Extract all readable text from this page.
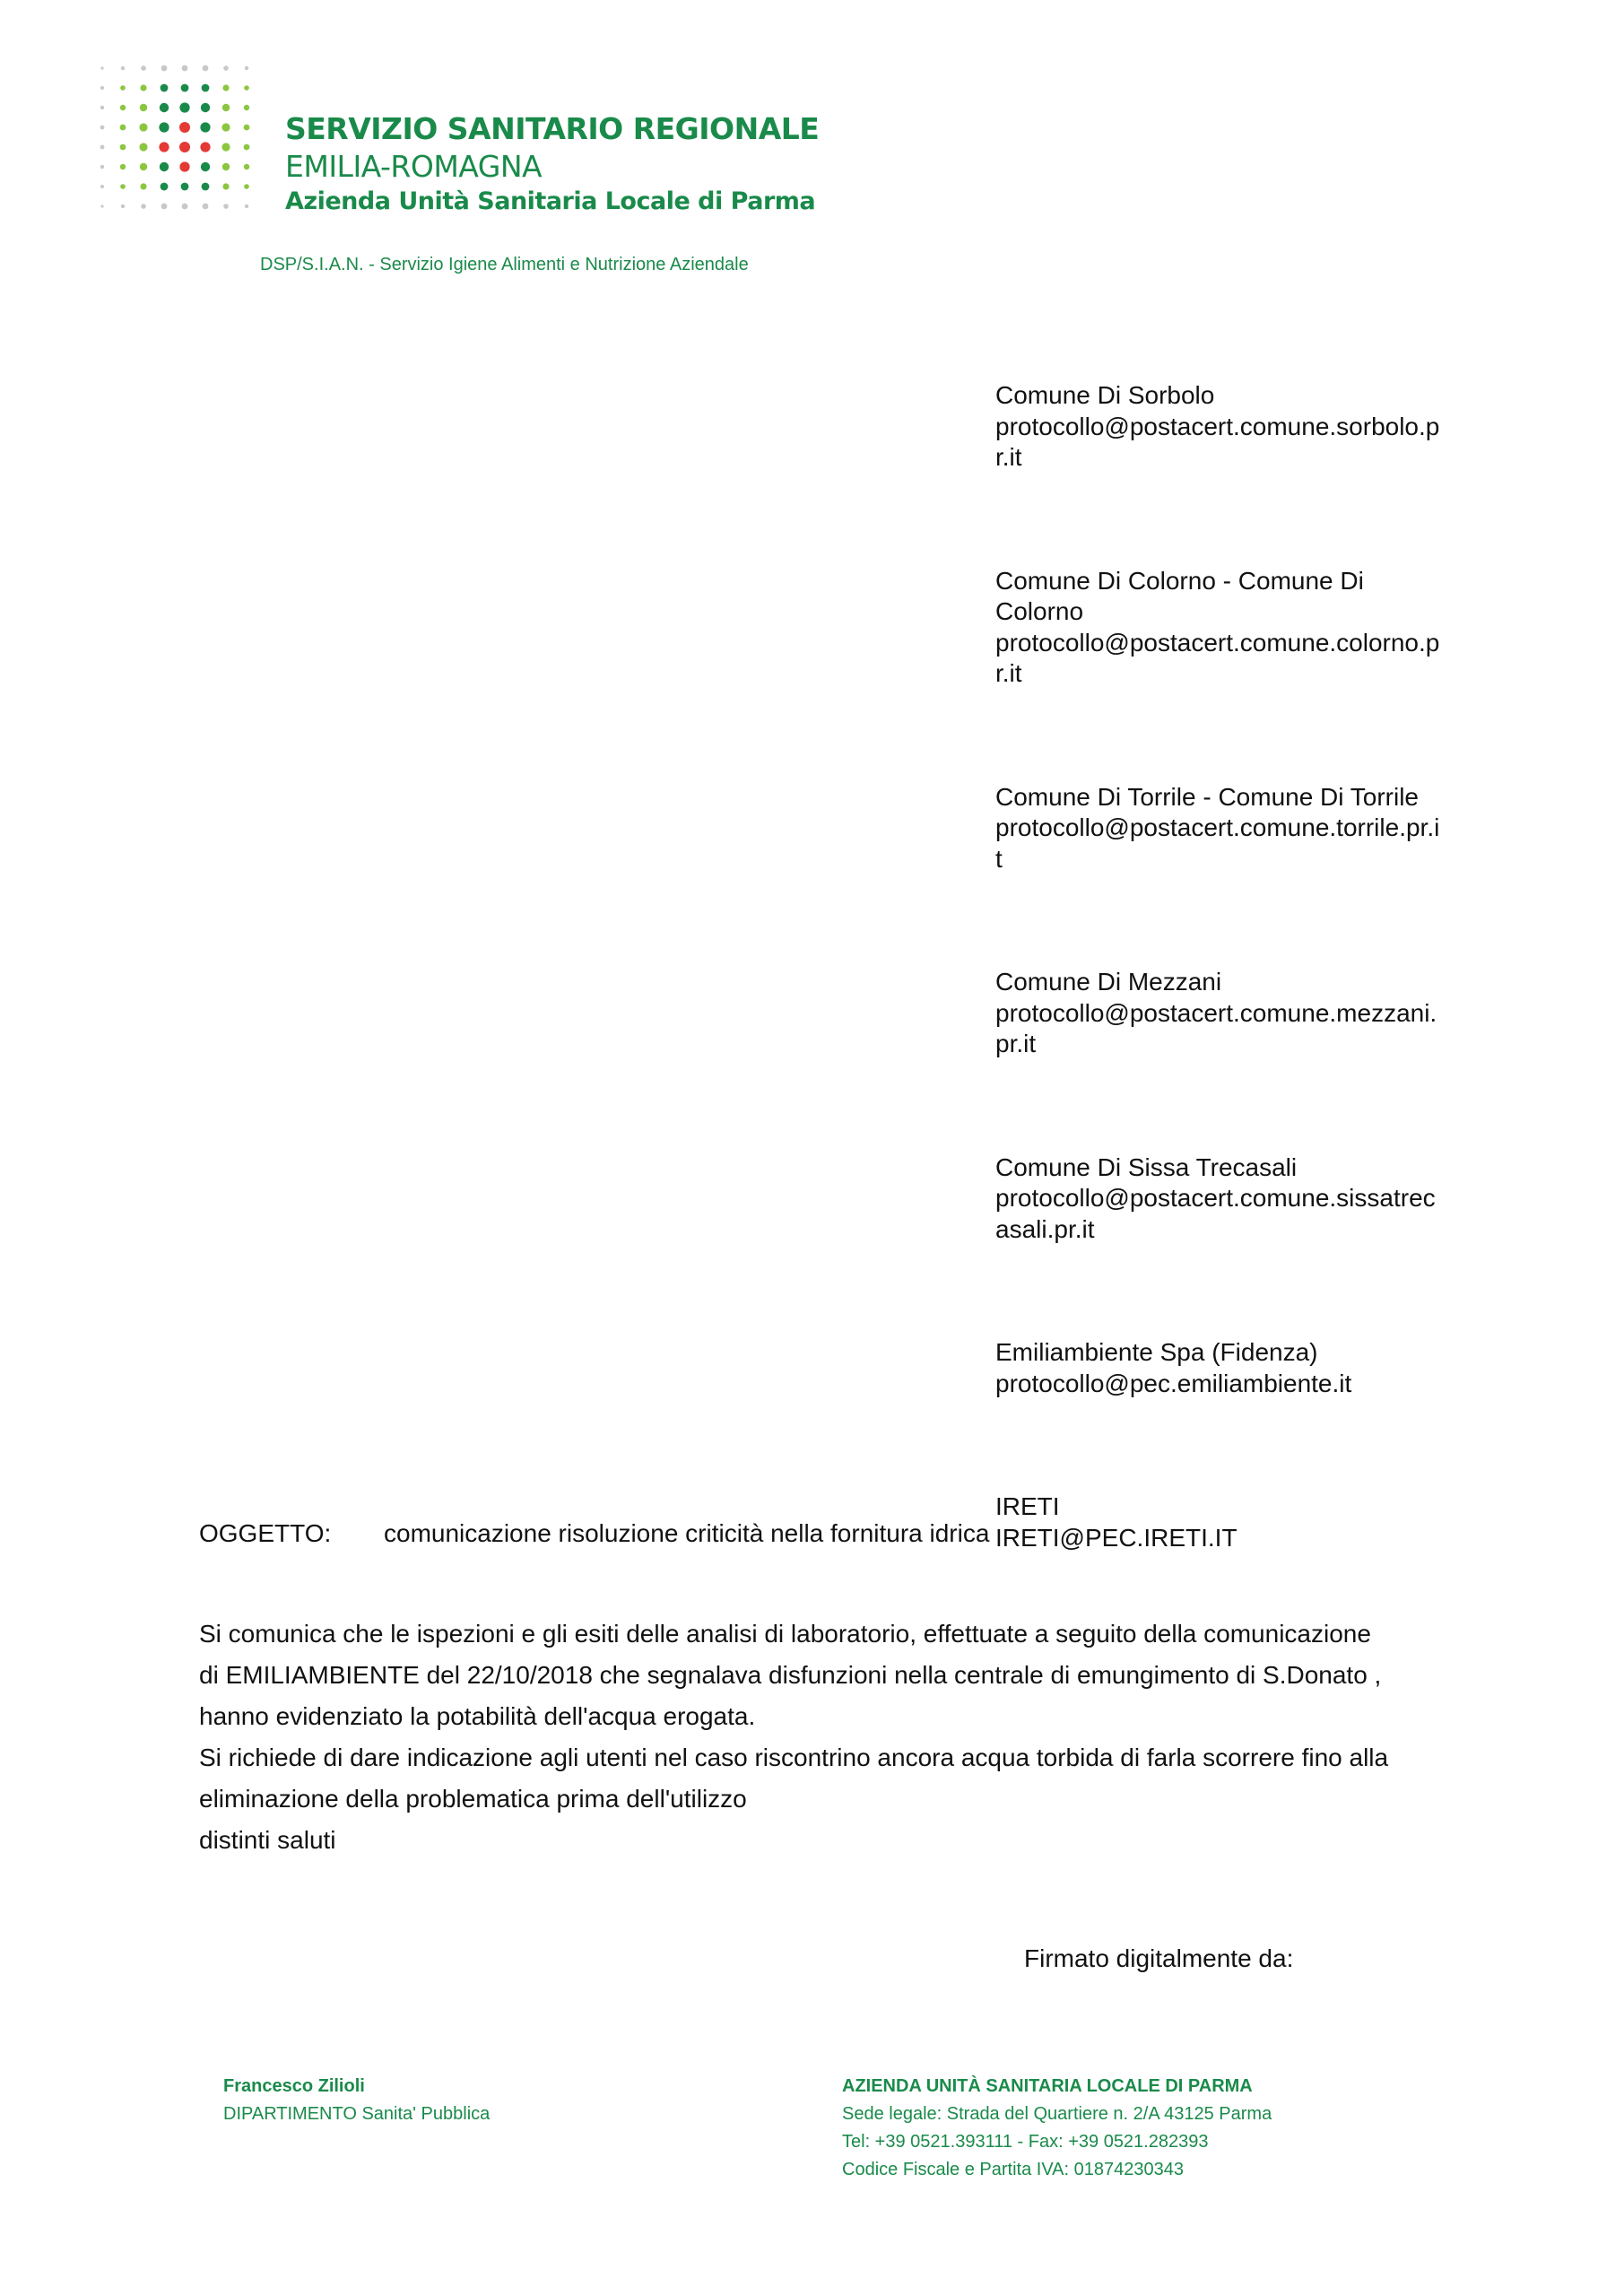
SERVIZIO SANITARIO REGIONALE
EMILIA-ROMAGNA
Azienda Unità Sanitaria Locale di Parma
DSP/S.I.A.N. - Servizio Igiene Alimenti e Nutrizione Aziendale
Comune Di Sorbolo
protocollo@postacert.comune.sorbolo.p
r.it
Comune Di Colorno - Comune Di
Colorno
protocollo@postacert.comune.colorno.p
r.it
Comune Di Torrile - Comune Di Torrile
protocollo@postacert.comune.torrile.pr.i
t
Comune Di Mezzani
protocollo@postacert.comune.mezzani.
pr.it
Comune Di Sissa Trecasali
protocollo@postacert.comune.sissatrec
asali.pr.it
Emiliambiente Spa (Fidenza)
protocollo@pec.emiliambiente.it
IRETI
IRETI@PEC.IRETI.IT
OGGETTO: comunicazione risoluzione criticità nella fornitura idrica
Si comunica che le ispezioni e gli esiti delle analisi di laboratorio, effettuate a seguito della comunicazione
di EMILIAMBIENTE del 22/10/2018 che segnalava disfunzioni nella centrale di emungimento di S.Donato ,
hanno evidenziato la potabilità dell'acqua erogata.
Si richiede di dare indicazione agli utenti nel caso riscontrino ancora acqua torbida di farla scorrere fino alla
eliminazione della problematica prima dell'utilizzo
distinti saluti
Firmato digitalmente da:
Francesco Zilioli
DIPARTIMENTO Sanita' Pubblica
AZIENDA UNITÀ SANITARIA LOCALE DI PARMA
Sede legale: Strada del Quartiere n. 2/A 43125 Parma
Tel: +39 0521.393111 - Fax: +39 0521.282393
Codice Fiscale e Partita IVA: 01874230343
